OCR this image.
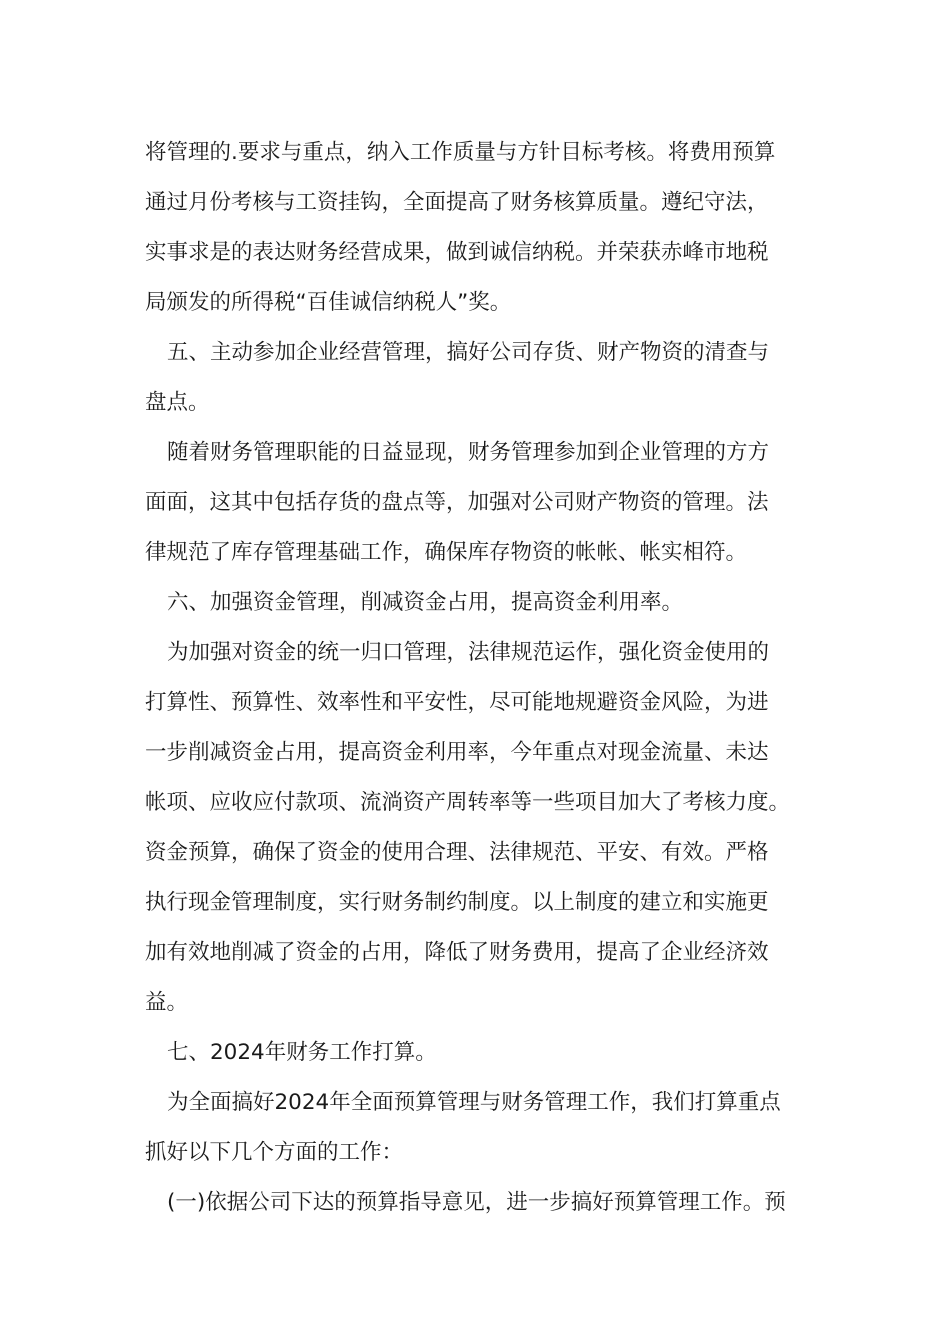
将管理的.要求与重点，纳入工作质量与方针目标考核。将费用预算
通过月份考核与工资挂钩，全面提高了财务核算质量。遵纪守法，
实事求是的表达财务经营成果，做到诚信纳税。并荣获赤峰市地税
局颁发的所得税“百佳诚信纳税人”奖。
五、主动参加企业经营管理，搞好公司存货、财产物资的清查与
盘点。
随着财务管理职能的日益显现，财务管理参加到企业管理的方方
面面，这其中包括存货的盘点等，加强对公司财产物资的管理。法
律规范了库存管理基础工作，确保库存物资的帐帐、帐实相符。
六、加强资金管理，削减资金占用，提高资金利用率。
为加强对资金的统一归口管理，法律规范运作，强化资金使用的
打算性、预算性、效率性和平安性，尽可能地规避资金风险，为进
一步削减资金占用，提高资金利用率，今年重点对现金流量、未达
帐项、应收应付款项、流淌资产周转率等一些项目加大了考核力度。
资金预算，确保了资金的使用合理、法律规范、平安、有效。严格
执行现金管理制度，实行财务制约制度。以上制度的建立和实施更
加有效地削减了资金的占用，降低了财务费用，提高了企业经济效
益。
七、2024年财务工作打算。
为全面搞好2024年全面预算管理与财务管理工作，我们打算重点
抓好以下几个方面的工作：
(一)依据公司下达的预算指导意见，进一步搞好预算管理工作。预
